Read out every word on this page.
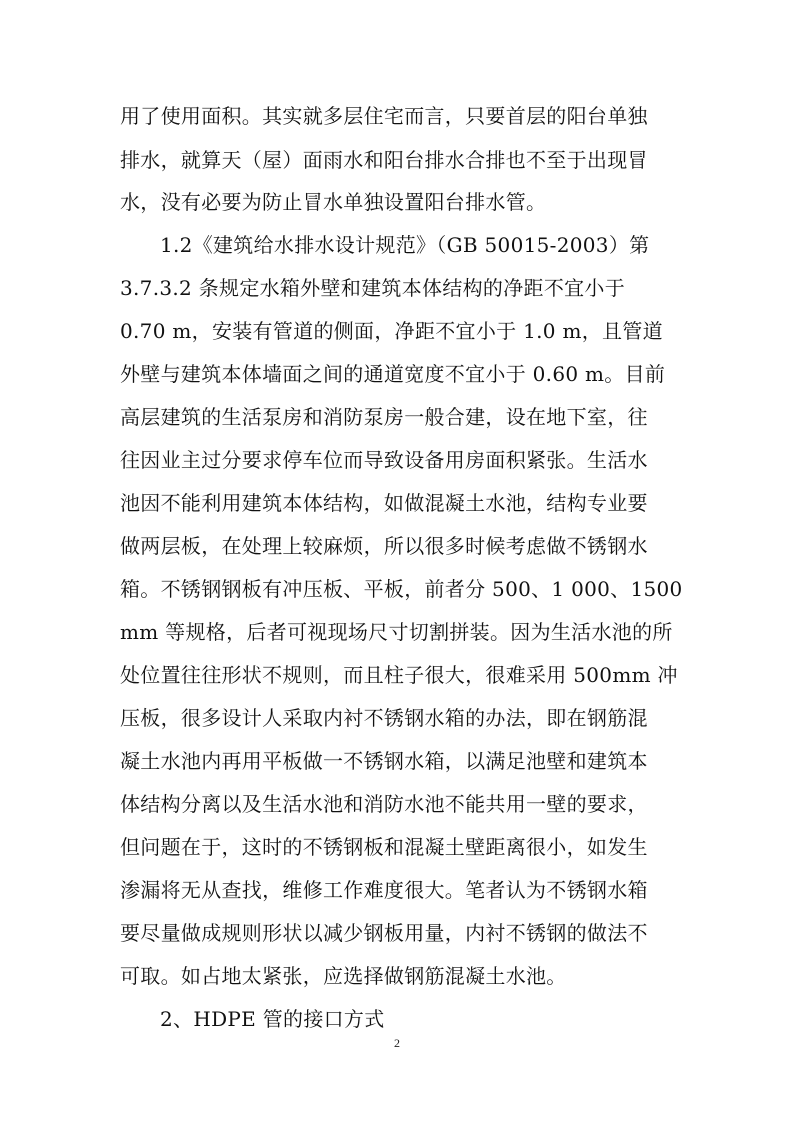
用了使用面积。其实就多层住宅而言，只要首层的阳台单独
排水，就算天（屋）面雨水和阳台排水合排也不至于出现冒
水，没有必要为防止冒水单独设置阳台排水管。
1.2《建筑给水排水设计规范》（GB 50015-2003）第
3.7.3.2 条规定水箱外壁和建筑本体结构的净距不宜小于
0.70 m，安装有管道的侧面，净距不宜小于 1.0 m，且管道
外壁与建筑本体墙面之间的通道宽度不宜小于 0.60 m。目前
高层建筑的生活泵房和消防泵房一般合建，设在地下室，往
往因业主过分要求停车位而导致设备用房面积紧张。生活水
池因不能利用建筑本体结构，如做混凝土水池，结构专业要
做两层板，在处理上较麻烦，所以很多时候考虑做不锈钢水
箱。不锈钢钢板有冲压板、平板，前者分 500、1 000、1500
mm 等规格，后者可视现场尺寸切割拼装。因为生活水池的所
处位置往往形状不规则，而且柱子很大，很难采用 500mm 冲
压板，很多设计人采取内衬不锈钢水箱的办法，即在钢筋混
凝土水池内再用平板做一不锈钢水箱，以满足池壁和建筑本
体结构分离以及生活水池和消防水池不能共用一壁的要求，
但问题在于，这时的不锈钢板和混凝土壁距离很小，如发生
渗漏将无从查找，维修工作难度很大。笔者认为不锈钢水箱
要尽量做成规则形状以减少钢板用量，内衬不锈钢的做法不
可取。如占地太紧张，应选择做钢筋混凝土水池。
2、HDPE 管的接口方式
2
